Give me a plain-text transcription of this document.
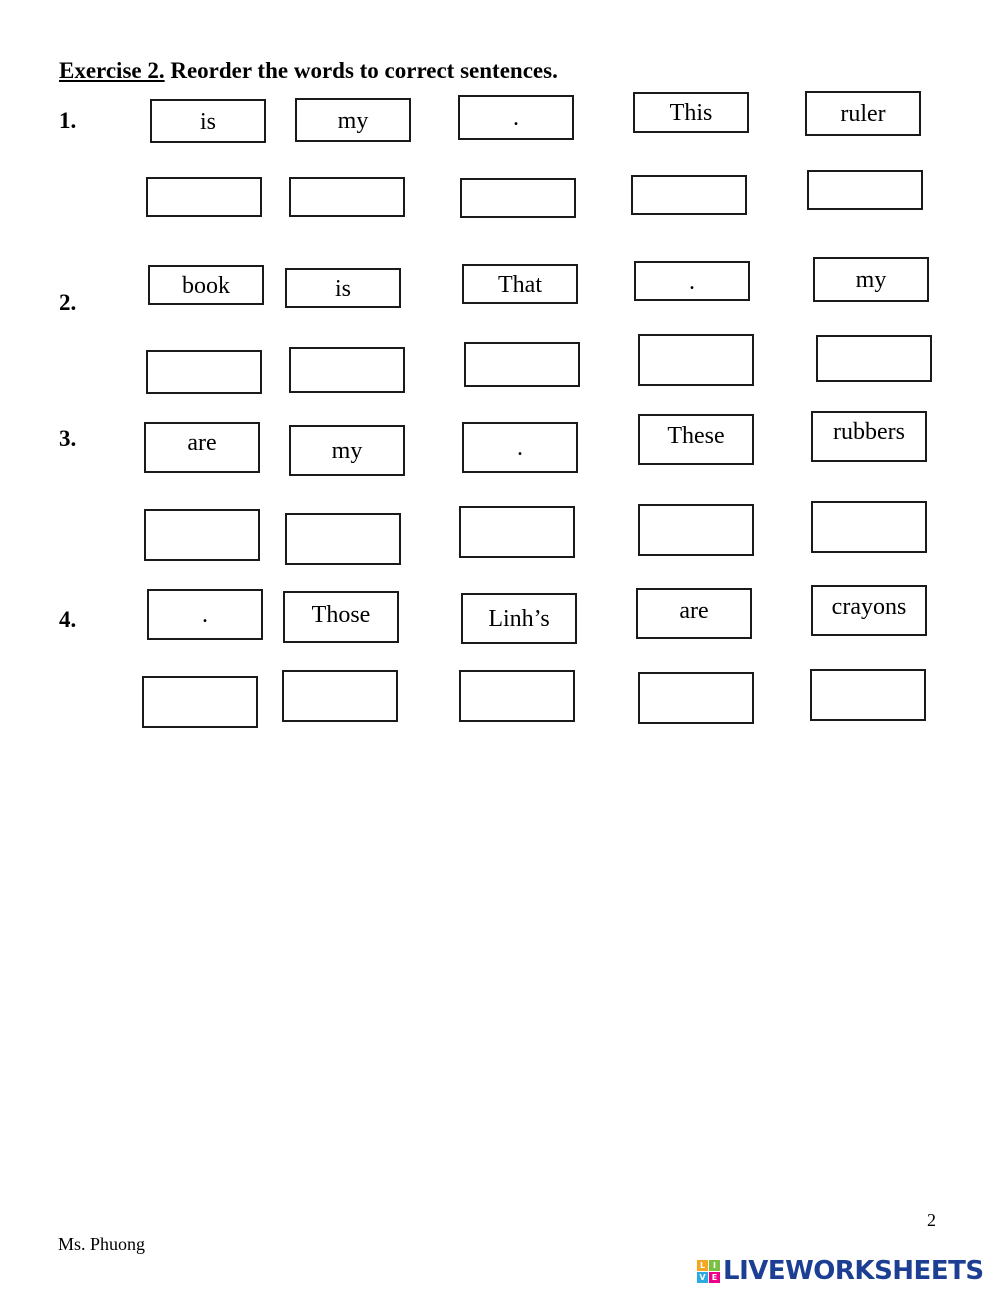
Exercise 2. Reorder the words to correct sentences.
1.	is	my	.	This	ruler
2.
book	is	That	.	my
3.	are	my	.	These	rubbers
4.	.	Those	Linh’s	are	crayons
2
Ms. Phuong
L I
V E LIVEWORKSHEETS
